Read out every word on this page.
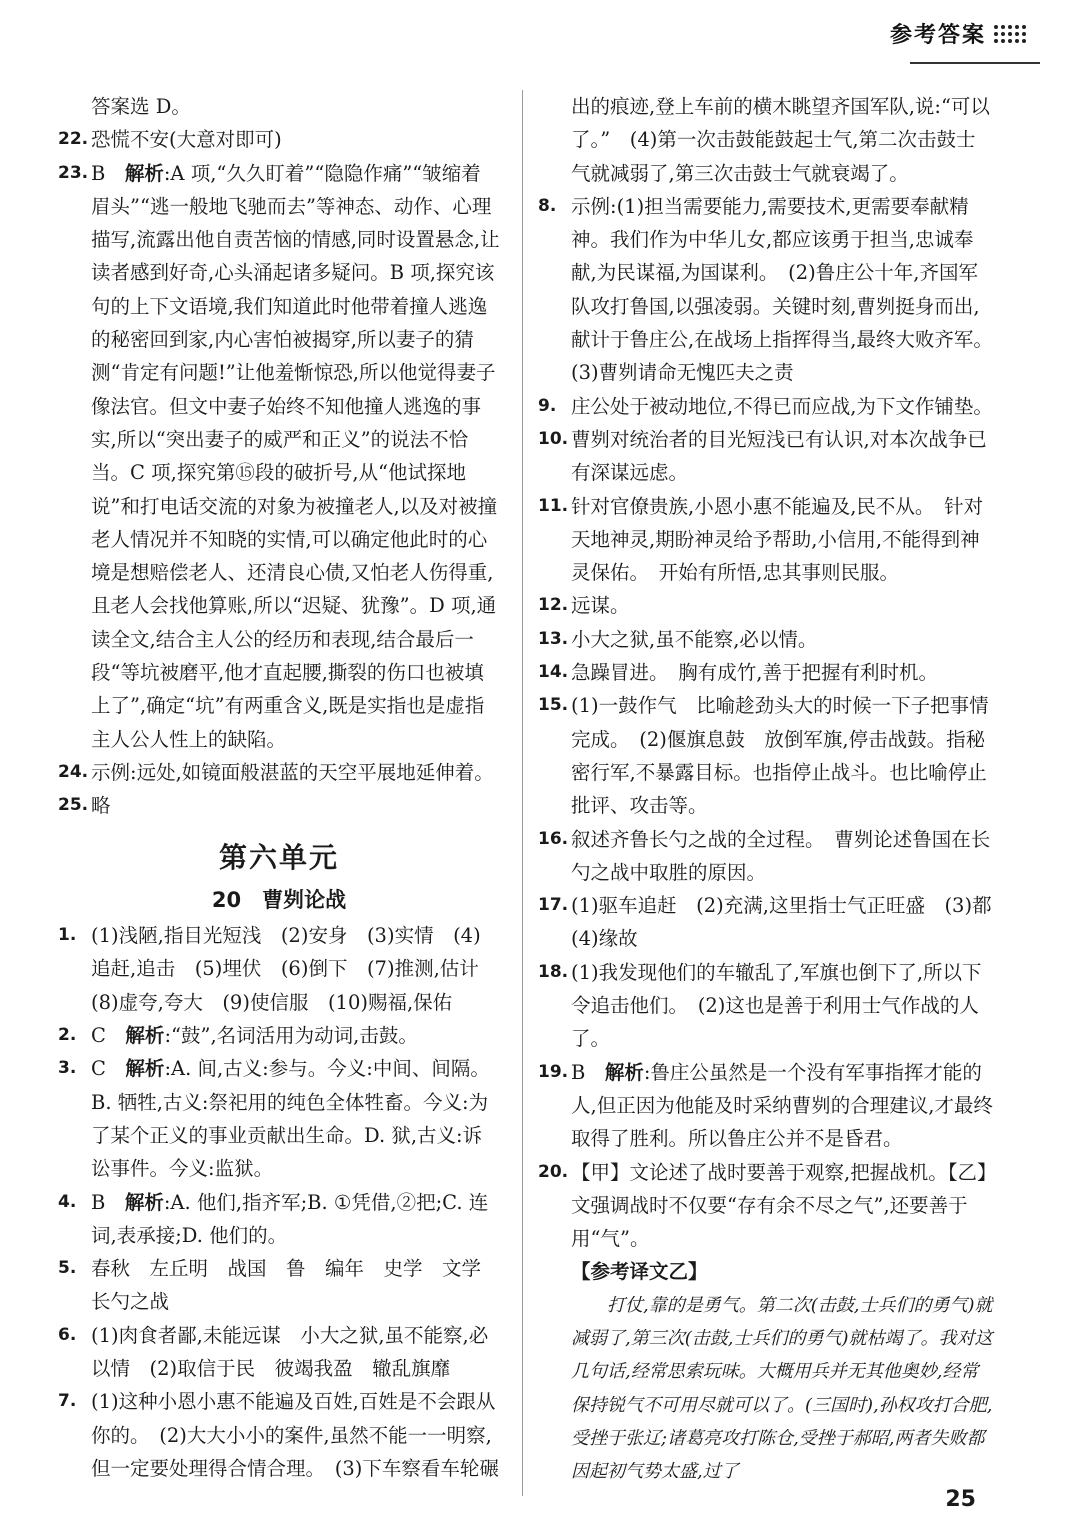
参考答案
答案选 D。
22. 恐慌不安(大意对即可)
23. B　解析:A 项,“久久盯着”“隐隐作痛”“皱缩着眉头”“逃一般地飞驰而去”等神态、动作、心理描写,流露出他自责苦恼的情感,同时设置悬念,让读者感到好奇,心头涌起诸多疑问。B 项,探究该句的上下文语境,我们知道此时他带着撞人逃逸的秘密回到家,内心害怕被揭穿,所以妻子的猜测“肯定有问题!”让他羞惭惊恐,所以他觉得妻子像法官。但文中妻子始终不知他撞人逃逸的事实,所以“突出妻子的威严和正义”的说法不恰当。C 项,探究第⑮段的破折号,从“他试探地说”和打电话交流的对象为被撞老人,以及对被撞老人情况并不知晓的实情,可以确定他此时的心境是想赔偿老人、还清良心债,又怕老人伤得重,且老人会找他算账,所以“迟疑、犹豫”。D 项,通读全文,结合主人公的经历和表现,结合最后一段“等坑被磨平,他才直起腰,撕裂的伤口也被填上了”,确定“坑”有两重含义,既是实指也是虚指主人公人性上的缺陷。
24. 示例:远处,如镜面般湛蓝的天空平展地延伸着。
25. 略
第六单元
20　曹刿论战
1. (1)浅陋,指目光短浅　(2)安身　(3)实情　(4)追赶,追击　(5)埋伏　(6)倒下　(7)推测,估计　(8)虚夸,夸大　(9)使信服　(10)赐福,保佑
2. C　解析:“鼓”,名词活用为动词,击鼓。
3. C　解析:A. 间,古义:参与。今义:中间、间隔。B. 牺牲,古义:祭祀用的纯色全体牲畜。今义:为了某个正义的事业贡献出生命。D. 狱,古义:诉讼事件。今义:监狱。
4. B　解析:A. 他们,指齐军;B. ①凭借,②把;C. 连词,表承接;D. 他们的。
5. 春秋　左丘明　战国　鲁　编年　史学　文学　长勺之战
6. (1)肉食者鄙,未能远谋　小大之狱,虽不能察,必以情　(2)取信于民　彼竭我盈　辙乱旗靡
7. (1)这种小恩小惠不能遍及百姓,百姓是不会跟从你的。　(2)大大小小的案件,虽然不能一一明察,但一定要处理得合情合理。　(3)下车察看车轮碾
出的痕迹,登上车前的横木眺望齐国军队,说:“可以了。”　(4)第一次击鼓能鼓起士气,第二次击鼓士气就减弱了,第三次击鼓士气就衰竭了。
8. 示例:(1)担当需要能力,需要技术,更需要奉献精神。我们作为中华儿女,都应该勇于担当,忠诚奉献,为民谋福,为国谋利。　(2)鲁庄公十年,齐国军队攻打鲁国,以强凌弱。关键时刻,曹刿挺身而出,献计于鲁庄公,在战场上指挥得当,最终大败齐军。　(3)曹刿请命无愧匹夫之责
9. 庄公处于被动地位,不得已而应战,为下文作铺垫。
10. 曹刿对统治者的目光短浅已有认识,对本次战争已有深谋远虑。
11. 针对官僚贵族,小恩小惠不能遍及,民不从。　针对天地神灵,期盼神灵给予帮助,小信用,不能得到神灵保佑。　开始有所悟,忠其事则民服。
12. 远谋。
13. 小大之狱,虽不能察,必以情。
14. 急躁冒进。　胸有成竹,善于把握有利时机。
15. (1)一鼓作气　比喻趁劲头大的时候一下子把事情完成。　(2)偃旗息鼓　放倒军旗,停击战鼓。指秘密行军,不暴露目标。也指停止战斗。也比喻停止批评、攻击等。
16. 叙述齐鲁长勺之战的全过程。　曹刿论述鲁国在长勺之战中取胜的原因。
17. (1)驱车追赶　(2)充满,这里指士气正旺盛　(3)都　(4)缘故
18. (1)我发现他们的车辙乱了,军旗也倒下了,所以下令追击他们。　(2)这也是善于利用士气作战的人了。
19. B　解析:鲁庄公虽然是一个没有军事指挥才能的人,但正因为他能及时采纳曹刿的合理建议,才最终取得了胜利。所以鲁庄公并不是昏君。
20. 【甲】文论述了战时要善于观察,把握战机。【乙】文强调战时不仅要“存有余不尽之气”,还要善于用“气”。
【参考译文乙】
打仗,靠的是勇气。第二次(击鼓,士兵们的勇气)就减弱了,第三次(击鼓,士兵们的勇气)就枯竭了。我对这几句话,经常思索玩味。大概用兵并无其他奥妙,经常保持锐气不可用尽就可以了。(三国时),孙权攻打合肥,受挫于张辽;诸葛亮攻打陈仓,受挫于郝昭,两者失败都因起初气势太盛,过了
25
